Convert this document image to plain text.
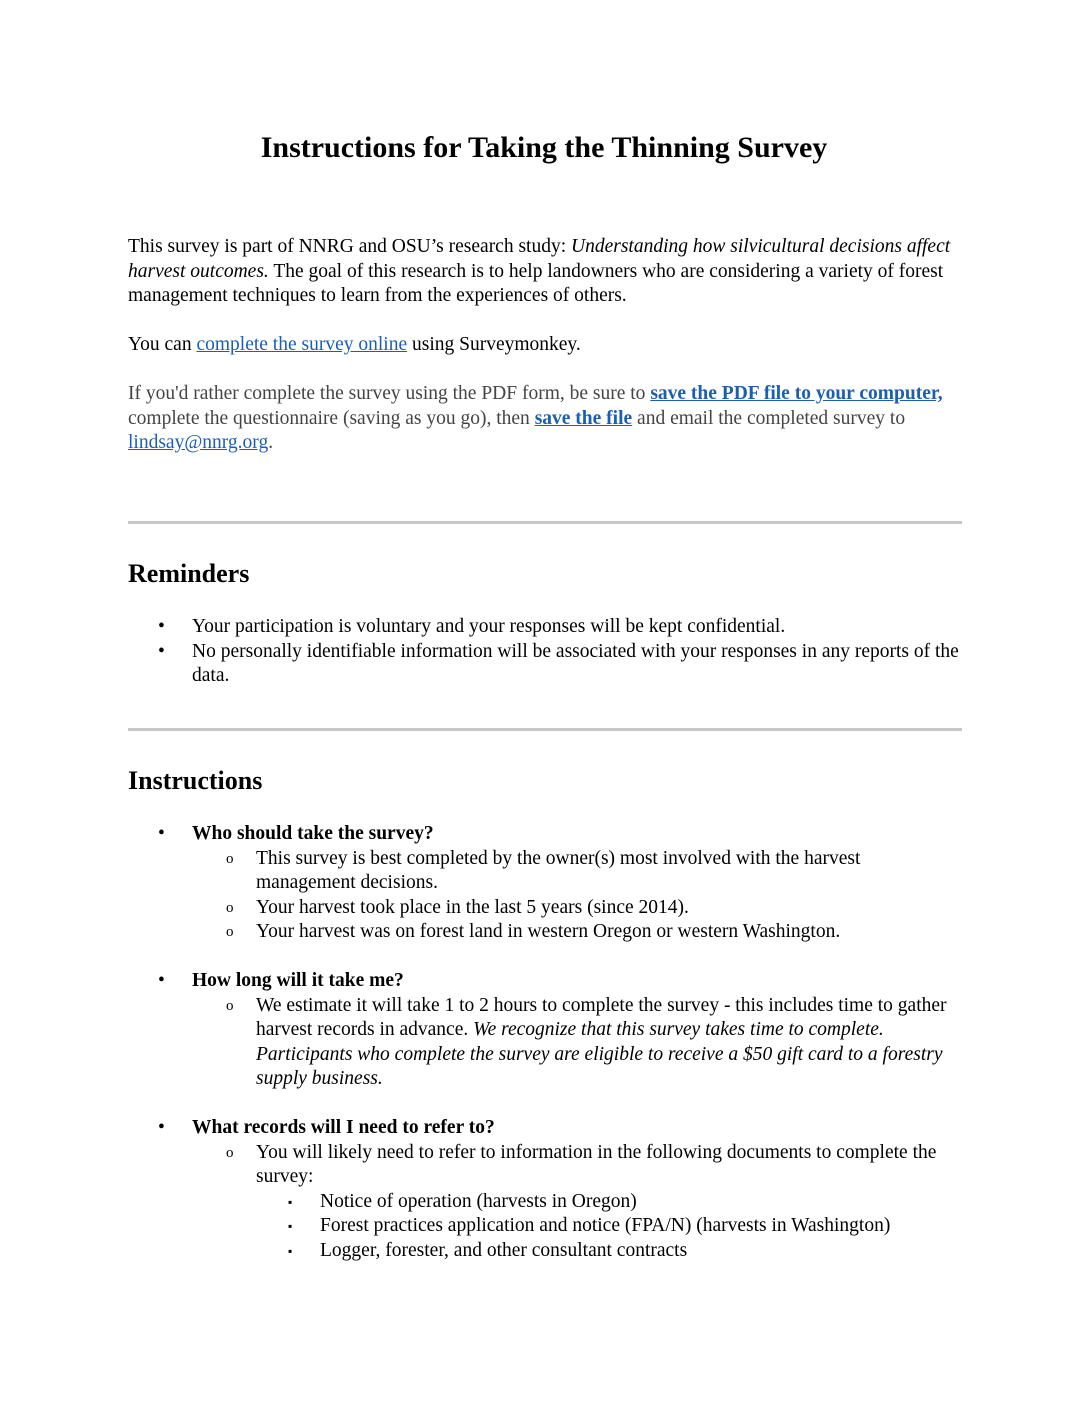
Instructions for Taking the Thinning Survey

This survey is part of NNRG and OSU’s research study: Understanding how silvicultural decisions affect harvest outcomes. The goal of this research is to help landowners who are considering a variety of forest management techniques to learn from the experiences of others.

You can complete the survey online using Surveymonkey.

If you'd rather complete the survey using the PDF form, be sure to save the PDF file to your computer, complete the questionnaire (saving as you go), then save the file and email the completed survey to lindsay@nnrg.org.

Reminders
• Your participation is voluntary and your responses will be kept confidential.
• No personally identifiable information will be associated with your responses in any reports of the data.
Instructions
• Who should take the survey?
o This survey is best completed by the owner(s) most involved with the harvest management decisions.
o Your harvest took place in the last 5 years (since 2014).
o Your harvest was on forest land in western Oregon or western Washington.
• How long will it take me?
o We estimate it will take 1 to 2 hours to complete the survey - this includes time to gather harvest records in advance. We recognize that this survey takes time to complete. Participants who complete the survey are eligible to receive a $50 gift card to a forestry supply business.
• What records will I need to refer to?
o You will likely need to refer to information in the following documents to complete the survey:
▪ Notice of operation (harvests in Oregon)
▪ Forest practices application and notice (FPA/N) (harvests in Washington)
▪ Logger, forester, and other consultant contracts
